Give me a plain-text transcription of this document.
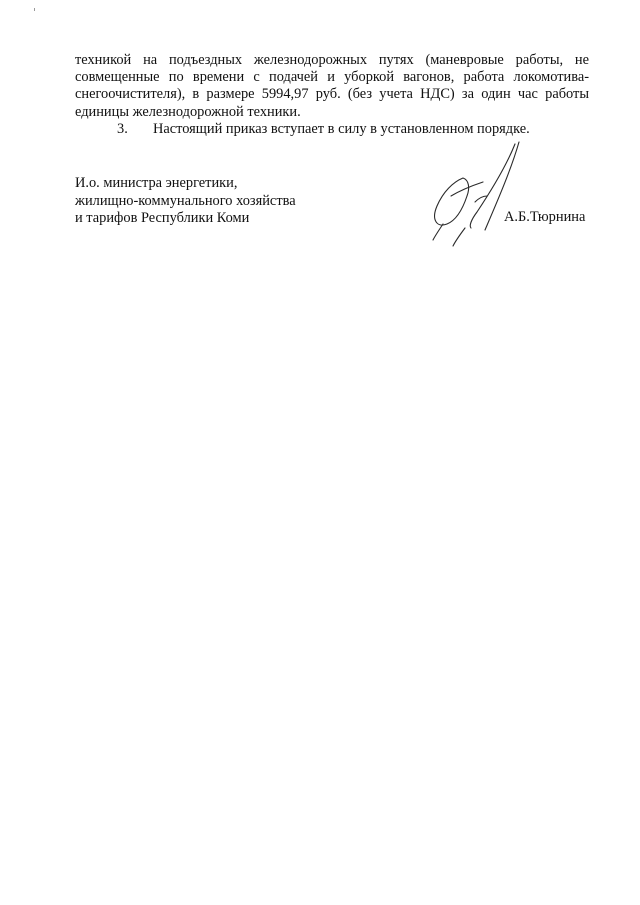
техникой на подъездных железнодорожных путях (маневровые работы, не
совмещенные по времени с подачей и уборкой вагонов, работа локомотива-
снегоочистителя), в размере 5994,97 руб. (без учета НДС) за один час работы
единицы железнодорожной техники.
3. Настоящий приказ вступает в силу в установленном порядке.
И.о. министра энергетики,
жилищно-коммунального хозяйства
и тарифов Республики Коми	А.Б.Тюрнина
